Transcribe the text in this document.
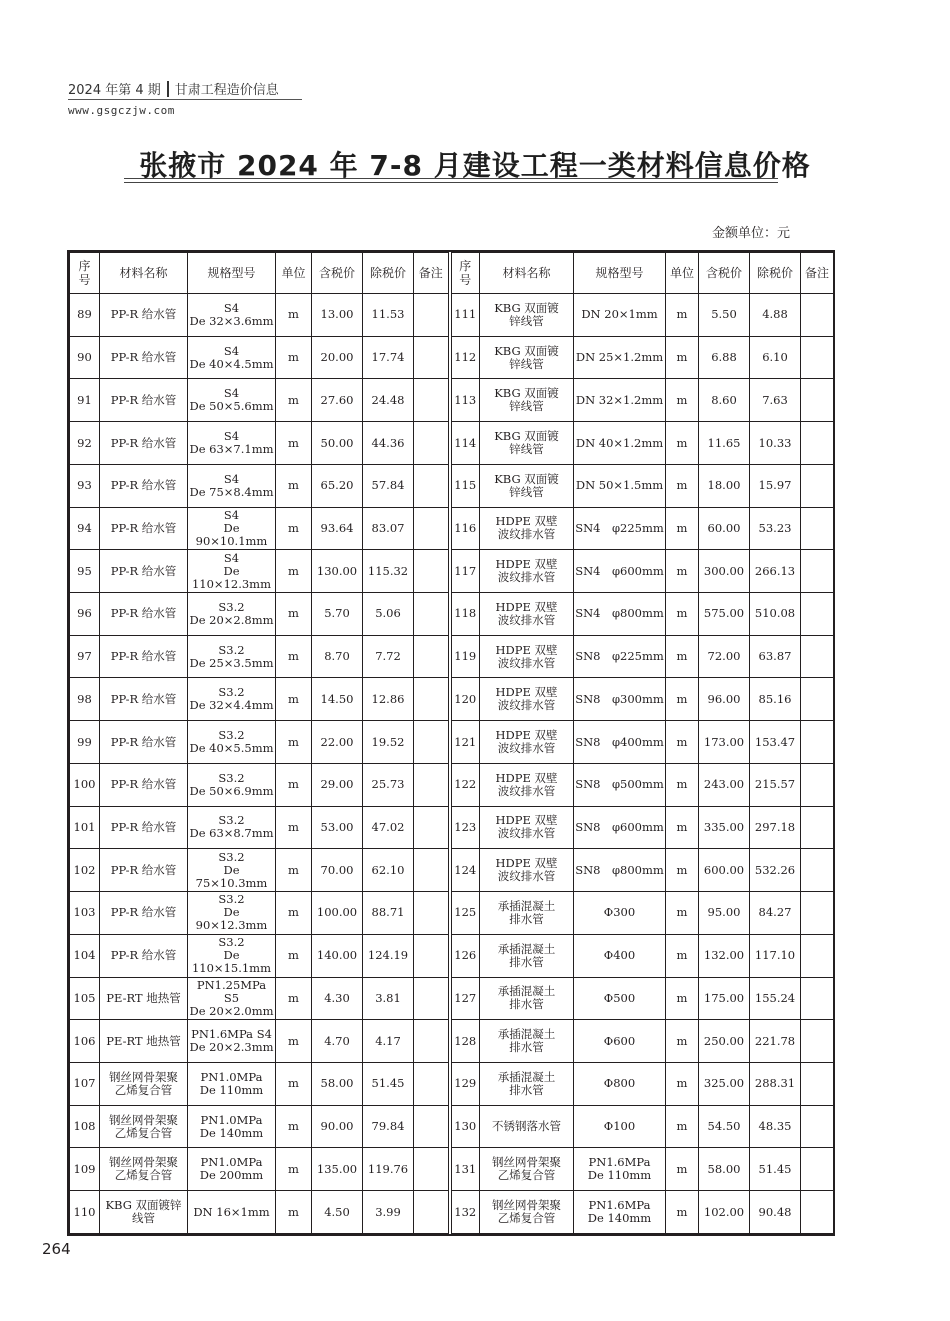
2024 年第 4 期 甘肃工程造价信息
www.gsgczjw.com
张掖市 2024 年 7-8 月建设工程一类材料信息价格
金额单位：元
序
号	材料名称	规格型号	单位	含税价	除税价	备注	序
号	材料名称	规格型号	单位	含税价	除税价	备注
89	PP-R 给水管	S4
De 32×3.6mm	m	13.00	11.53		111	KBG 双面镀
锌线管	DN 20×1mm	m	5.50	4.88	
90	PP-R 给水管	S4
De 40×4.5mm	m	20.00	17.74		112	KBG 双面镀
锌线管	DN 25×1.2mm	m	6.88	6.10	
91	PP-R 给水管	S4
De 50×5.6mm	m	27.60	24.48		113	KBG 双面镀
锌线管	DN 32×1.2mm	m	8.60	7.63	
92	PP-R 给水管	S4
De 63×7.1mm	m	50.00	44.36		114	KBG 双面镀
锌线管	DN 40×1.2mm	m	11.65	10.33	
93	PP-R 给水管	S4
De 75×8.4mm	m	65.20	57.84		115	KBG 双面镀
锌线管	DN 50×1.5mm	m	18.00	15.97	
94	PP-R 给水管	S4
De 90×10.1mm	m	93.64	83.07		116	HDPE 双壁
波纹排水管	SN4　φ225mm	m	60.00	53.23	
95	PP-R 给水管	S4
De 110×12.3mm	m	130.00	115.32		117	HDPE 双壁
波纹排水管	SN4　φ600mm	m	300.00	266.13	
96	PP-R 给水管	S3.2
De 20×2.8mm	m	5.70	5.06		118	HDPE 双壁
波纹排水管	SN4　φ800mm	m	575.00	510.08	
97	PP-R 给水管	S3.2
De 25×3.5mm	m	8.70	7.72		119	HDPE 双壁
波纹排水管	SN8　φ225mm	m	72.00	63.87	
98	PP-R 给水管	S3.2
De 32×4.4mm	m	14.50	12.86		120	HDPE 双壁
波纹排水管	SN8　φ300mm	m	96.00	85.16	
99	PP-R 给水管	S3.2
De 40×5.5mm	m	22.00	19.52		121	HDPE 双壁
波纹排水管	SN8　φ400mm	m	173.00	153.47	
100	PP-R 给水管	S3.2
De 50×6.9mm	m	29.00	25.73		122	HDPE 双壁
波纹排水管	SN8　φ500mm	m	243.00	215.57	
101	PP-R 给水管	S3.2
De 63×8.7mm	m	53.00	47.02		123	HDPE 双壁
波纹排水管	SN8　φ600mm	m	335.00	297.18	
102	PP-R 给水管	S3.2
De 75×10.3mm	m	70.00	62.10		124	HDPE 双壁
波纹排水管	SN8　φ800mm	m	600.00	532.26	
103	PP-R 给水管	S3.2
De 90×12.3mm	m	100.00	88.71		125	承插混凝土
排水管	Φ300	m	95.00	84.27	
104	PP-R 给水管	S3.2
De 110×15.1mm	m	140.00	124.19		126	承插混凝土
排水管	Φ400	m	132.00	117.10	
105	PE-RT 地热管	PN1.25MPa S5
De 20×2.0mm	m	4.30	3.81		127	承插混凝土
排水管	Φ500	m	175.00	155.24	
106	PE-RT 地热管	PN1.6MPa S4
De 20×2.3mm	m	4.70	4.17		128	承插混凝土
排水管	Φ600	m	250.00	221.78	
107	钢丝网骨架聚
乙烯复合管	PN1.0MPa
De 110mm	m	58.00	51.45		129	承插混凝土
排水管	Φ800	m	325.00	288.31	
108	钢丝网骨架聚
乙烯复合管	PN1.0MPa
De 140mm	m	90.00	79.84		130	不锈钢落水管	Φ100	m	54.50	48.35	
109	钢丝网骨架聚
乙烯复合管	PN1.0MPa
De 200mm	m	135.00	119.76		131	钢丝网骨架聚
乙烯复合管	PN1.6MPa
De 110mm	m	58.00	51.45	
110	KBG 双面镀锌
线管	DN 16×1mm	m	4.50	3.99		132	钢丝网骨架聚
乙烯复合管	PN1.6MPa
De 140mm	m	102.00	90.48	
264
